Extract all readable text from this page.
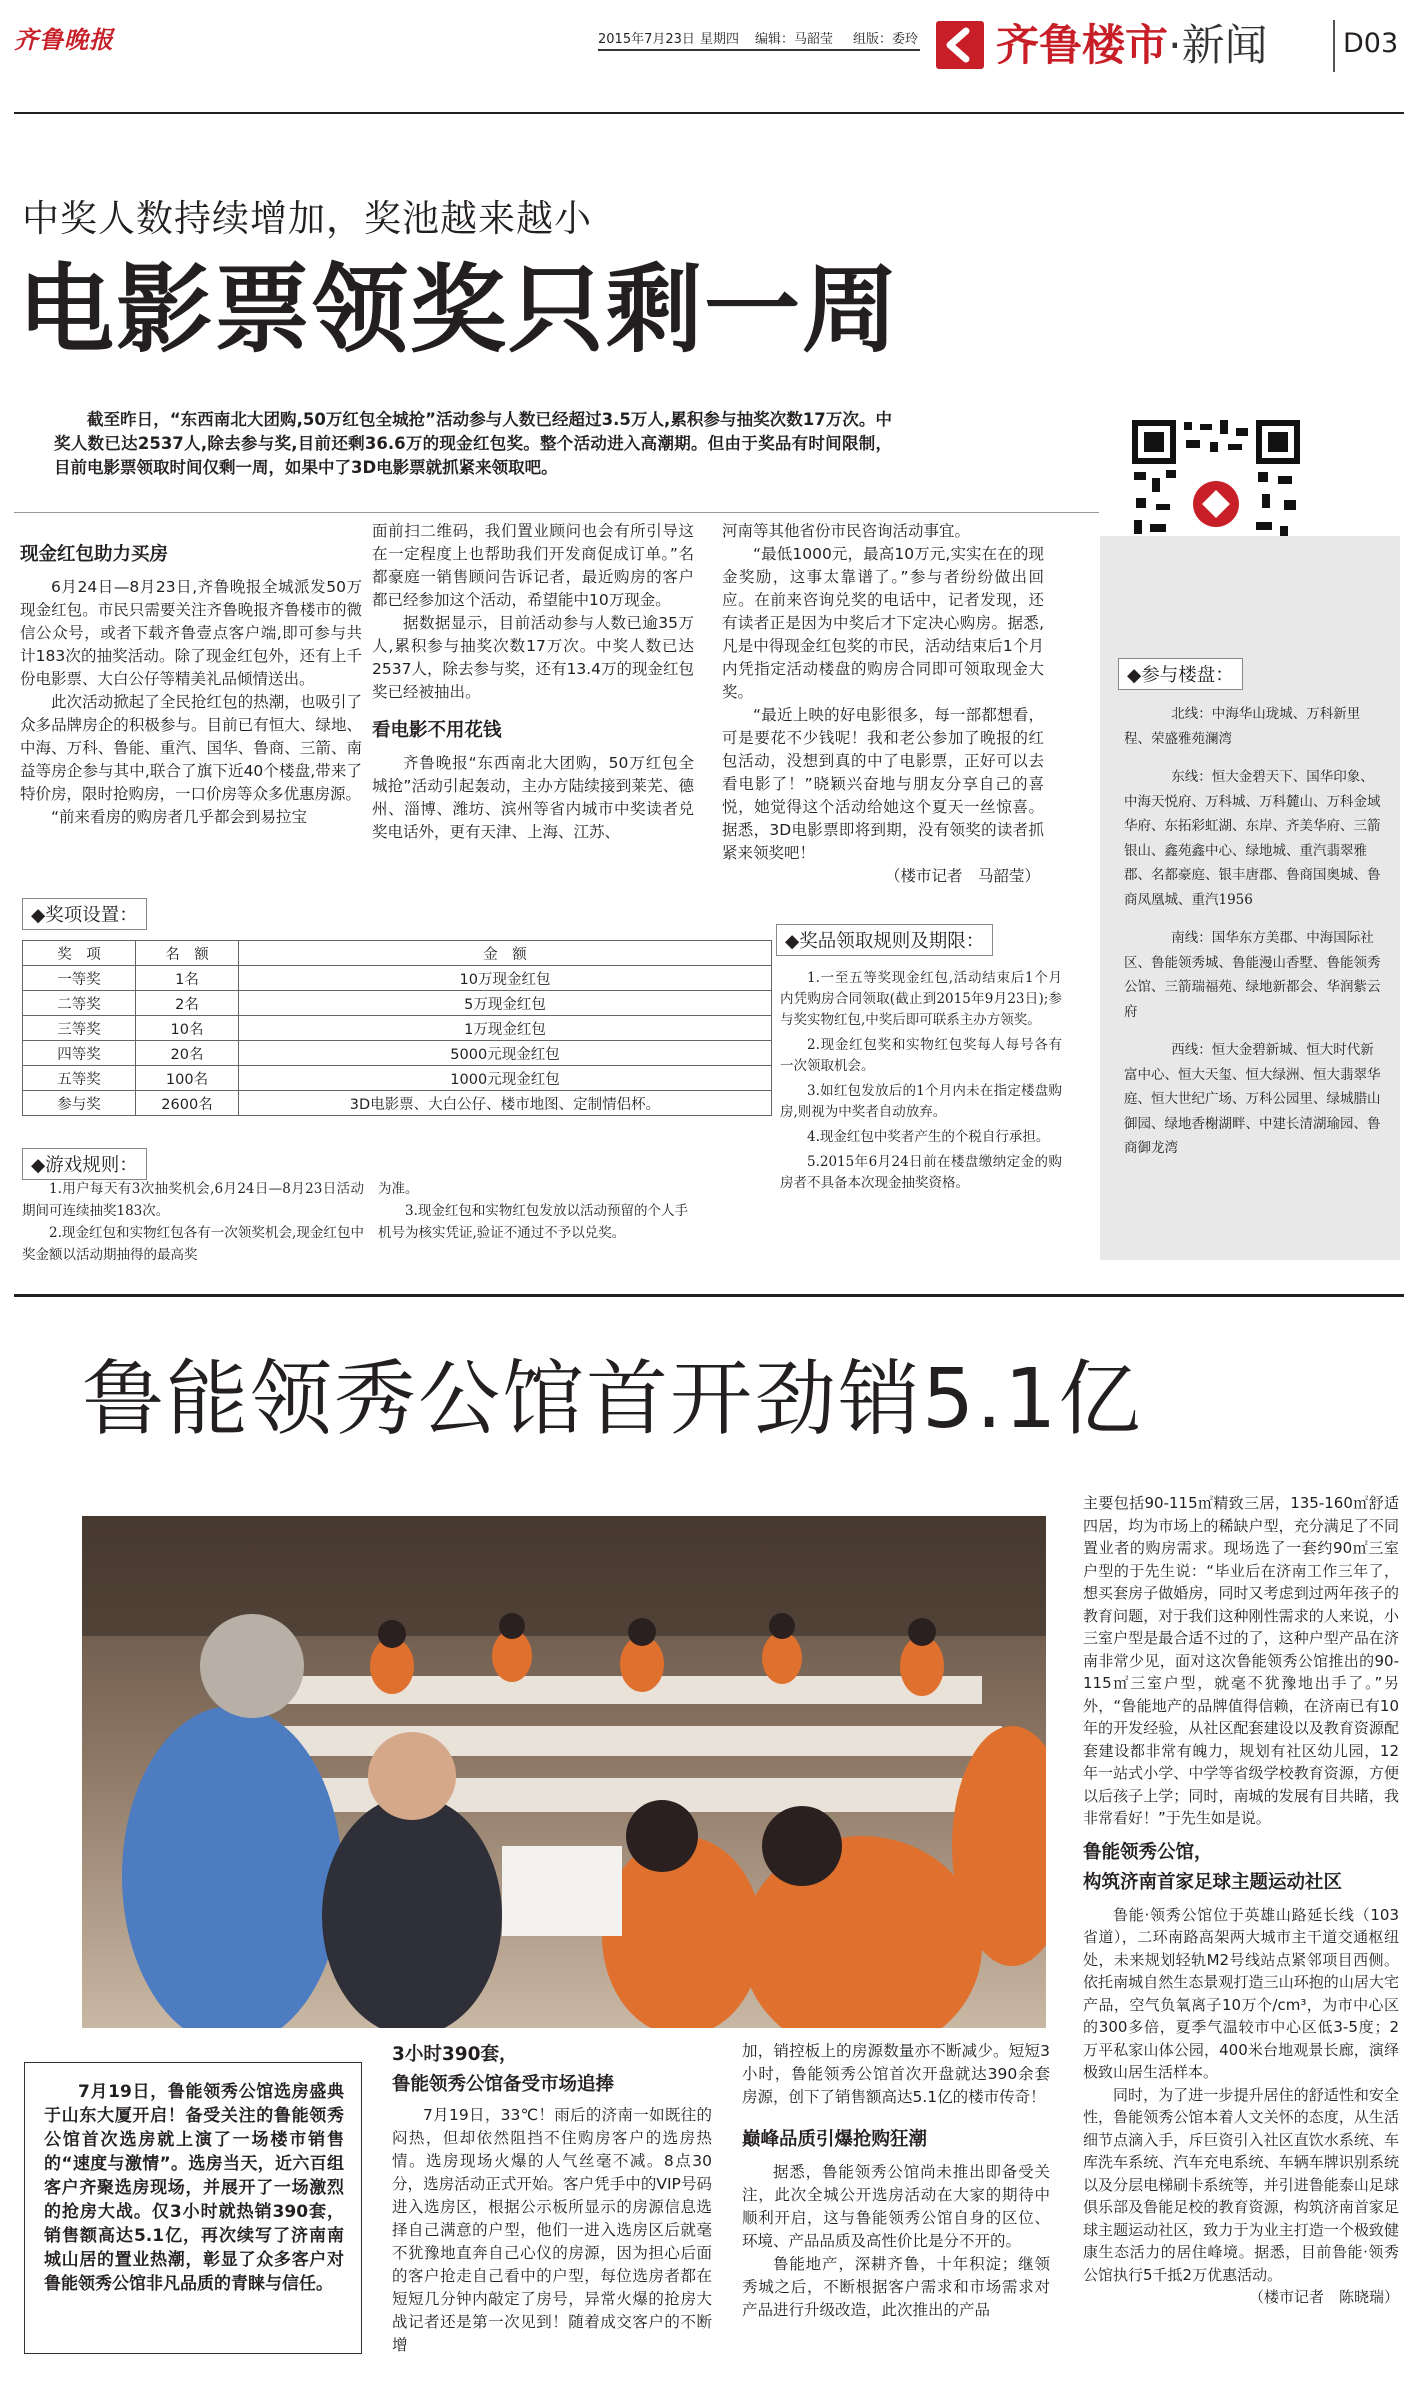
齐鲁晚报	2015年7月23日 星期四 编辑：马韶莹 组版：委玲 齐鲁楼市·新闻	D03
中奖人数持续增加，奖池越来越小
电影票领奖只剩一周

截至昨日，“东西南北大团购,50万红包全城抢”活动参与人数已经超过3.5万人,累积参与抽奖次数17万次。中奖人数已达2537人,除去参与奖,目前还剩36.6万的现金红包奖。整个活动进入高潮期。但由于奖品有时间限制，目前电影票领取时间仅剩一周，如果中了3D电影票就抓紧来领取吧。

现金红包助力买房

6月24日—8月23日,齐鲁晚报全城派发50万现金红包。市民只需要关注齐鲁晚报齐鲁楼市的微信公众号，或者下载齐鲁壹点客户端,即可参与共计183次的抽奖活动。除了现金红包外，还有上千份电影票、大白公仔等精美礼品倾情送出。

此次活动掀起了全民抢红包的热潮，也吸引了众多品牌房企的积极参与。目前已有恒大、绿地、中海、万科、鲁能、重汽、国华、鲁商、三箭、南益等房企参与其中,联合了旗下近40个楼盘,带来了特价房，限时抢购房，一口价房等众多优惠房源。

“前来看房的购房者几乎都会到易拉宝

面前扫二维码，我们置业顾问也会有所引导这在一定程度上也帮助我们开发商促成订单。”名都豪庭一销售顾问告诉记者，最近购房的客户都已经参加这个活动，希望能中10万现金。

据数据显示，目前活动参与人数已逾35万人,累积参与抽奖次数17万次。中奖人数已达2537人，除去参与奖，还有13.4万的现金红包奖已经被抽出。

看电影不用花钱

齐鲁晚报“东西南北大团购，50万红包全城抢”活动引起轰动，主办方陆续接到莱芜、德州、淄博、潍坊、滨州等省内城市中奖读者兑奖电话外，更有天津、上海、江苏、

河南等其他省份市民咨询活动事宜。

“最低1000元，最高10万元,实实在在的现金奖励，这事太靠谱了。”参与者纷纷做出回应。在前来咨询兑奖的电话中，记者发现，还有读者正是因为中奖后才下定决心购房。据悉,凡是中得现金红包奖的市民，活动结束后1个月内凭指定活动楼盘的购房合同即可领取现金大奖。

“最近上映的好电影很多，每一部都想看，可是要花不少钱呢！我和老公参加了晚报的红包活动，没想到真的中了电影票，正好可以去看电影了！”晓颖兴奋地与朋友分享自己的喜悦，她觉得这个活动给她这个夏天一丝惊喜。据悉，3D电影票即将到期，没有领奖的读者抓紧来领奖吧！

（楼市记者　马韶莹）

◆参与楼盘：
北线：中海华山珑城、万科新里程、荣盛雅苑澜湾
东线：恒大金碧天下、国华印象、中海天悦府、万科城、万科麓山、万科金域华府、东拓彩虹湖、东岸、齐美华府、三箭银山、鑫苑鑫中心、绿地城、重汽翡翠雅郡、名都豪庭、银丰唐郡、鲁商国奥城、鲁商凤凰城、重汽1956
南线：国华东方美郡、中海国际社区、鲁能领秀城、鲁能漫山香墅、鲁能领秀公馆、三箭瑞福苑、绿地新都会、华润紫云府
西线：恒大金碧新城、恒大时代新富中心、恒大天玺、恒大绿洲、恒大翡翠华庭、恒大世纪广场、万科公园里、绿城腊山御园、绿地香榭湖畔、中建长清湖瑜园、鲁商御龙湾
◆奖项设置：
奖　项	名　额	金　额
一等奖	1名	10万现金红包
二等奖	2名	5万现金红包
三等奖	10名	1万现金红包
四等奖	20名	5000元现金红包
五等奖	100名	1000元现金红包
参与奖	2600名	3D电影票、大白公仔、楼市地图、定制情侣杯。
◆游戏规则：

1.用户每天有3次抽奖机会,6月24日—8月23日活动期间可连续抽奖183次。

2.现金红包和实物红包各有一次领奖机会,现金红包中奖金额以活动期抽得的最高奖

为准。

3.现金红包和实物红包发放以活动预留的个人手机号为核实凭证,验证不通过不予以兑奖。

◆奖品领取规则及期限：

1.一至五等奖现金红包,活动结束后1个月内凭购房合同领取(截止到2015年9月23日);参与奖实物红包,中奖后即可联系主办方领奖。

2.现金红包奖和实物红包奖每人每号各有一次领取机会。

3.如红包发放后的1个月内未在指定楼盘购房,则视为中奖者自动放弃。

4.现金红包中奖者产生的个税自行承担。

5.2015年6月24日前在楼盘缴纳定金的购房者不具备本次现金抽奖资格。

鲁能领秀公馆首开劲销5.1亿

7月19日，鲁能领秀公馆选房盛典于山东大厦开启！备受关注的鲁能领秀公馆首次选房就上演了一场楼市销售的“速度与激情”。选房当天，近六百组客户齐聚选房现场，并展开了一场激烈的抢房大战。仅3小时就热销390套，销售额高达5.1亿，再次续写了济南南城山居的置业热潮，彰显了众多客户对鲁能领秀公馆非凡品质的青睐与信任。

3小时390套，
鲁能领秀公馆备受市场追捧

7月19日，33℃！雨后的济南一如既往的闷热，但却依然阻挡不住购房客户的选房热情。选房现场火爆的人气丝毫不减。8点30分，选房活动正式开始。客户凭手中的VIP号码进入选房区，根据公示板所显示的房源信息选择自己满意的户型，他们一进入选房区后就毫不犹豫地直奔自己心仪的房源，因为担心后面的客户抢走自己看中的户型，每位选房者都在短短几分钟内敲定了房号，异常火爆的抢房大战记者还是第一次见到！随着成交客户的不断增

加，销控板上的房源数量亦不断减少。短短3小时，鲁能领秀公馆首次开盘就达390余套房源，创下了销售额高达5.1亿的楼市传奇！

巅峰品质引爆抢购狂潮

据悉，鲁能领秀公馆尚未推出即备受关注，此次全城公开选房活动在大家的期待中顺利开启，这与鲁能领秀公馆自身的区位、环境、产品品质及高性价比是分不开的。

鲁能地产，深耕齐鲁，十年积淀；继领秀城之后，不断根据客户需求和市场需求对产品进行升级改造，此次推出的产品

主要包括90-115㎡精致三居，135-160㎡舒适四居，均为市场上的稀缺户型，充分满足了不同置业者的购房需求。现场选了一套约90㎡三室户型的于先生说：“毕业后在济南工作三年了，想买套房子做婚房，同时又考虑到过两年孩子的教育问题，对于我们这种刚性需求的人来说，小三室户型是最合适不过的了，这种户型产品在济南非常少见，面对这次鲁能领秀公馆推出的90-115㎡三室户型，就毫不犹豫地出手了。”另外，“鲁能地产的品牌值得信赖，在济南已有10年的开发经验，从社区配套建设以及教育资源配套建设都非常有魄力，规划有社区幼儿园，12年一站式小学、中学等省级学校教育资源，方便以后孩子上学；同时，南城的发展有目共睹，我非常看好！”于先生如是说。

鲁能领秀公馆，
构筑济南首家足球主题运动社区

鲁能·领秀公馆位于英雄山路延长线（103省道），二环南路高架两大城市主干道交通枢纽处，未来规划轻轨M2号线站点紧邻项目西侧。依托南城自然生态景观打造三山环抱的山居大宅产品，空气负氧离子10万个/cm³，为市中心区的300多倍，夏季气温较市中心区低3-5度；2万平私家山体公园，400米台地观景长廊，演绎极致山居生活样本。

同时，为了进一步提升居住的舒适性和安全性，鲁能领秀公馆本着人文关怀的态度，从生活细节点滴入手，斥巨资引入社区直饮水系统、车库洗车系统、汽车充电系统、车辆车牌识别系统以及分层电梯刷卡系统等，并引进鲁能泰山足球俱乐部及鲁能足校的教育资源，构筑济南首家足球主题运动社区，致力于为业主打造一个极致健康生态活力的居住峰境。据悉，目前鲁能·领秀公馆执行5千抵2万优惠活动。

（楼市记者　陈晓瑞）
